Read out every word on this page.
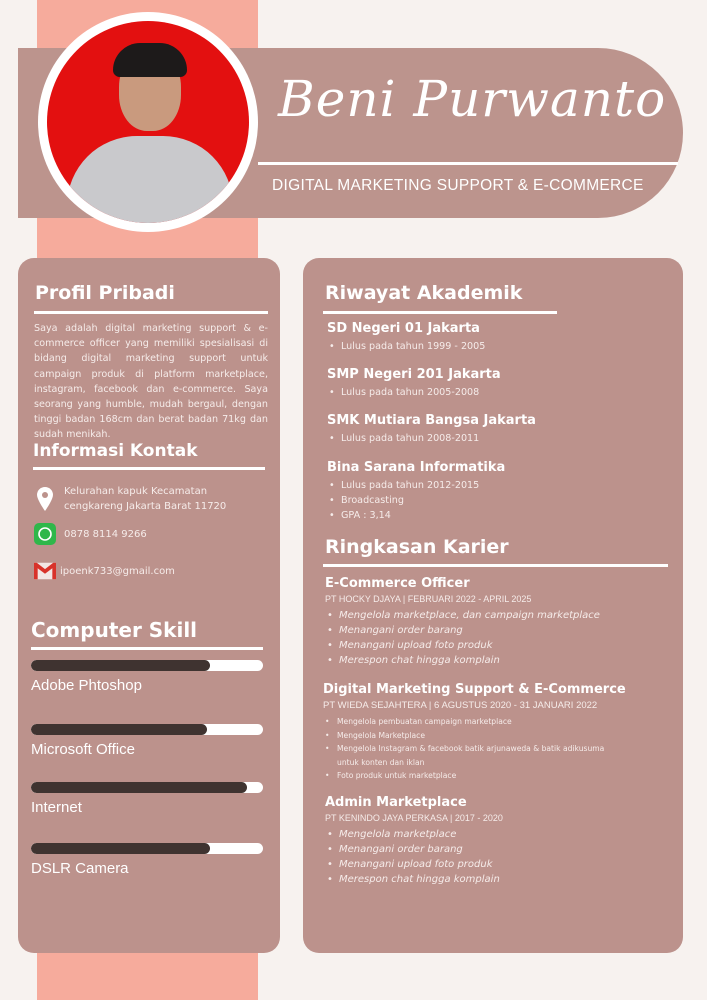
Beni Purwanto
DIGITAL MARKETING SUPPORT & E-COMMERCE
Profil Pribadi
Saya adalah digital marketing support & e-commerce officer yang memiliki spesialisasi di bidang digital marketing support untuk campaign produk di platform marketplace, instagram, facebook dan e-commerce. Saya seorang yang humble, mudah bergaul, dengan tinggi badan 168cm dan berat badan 71kg dan sudah menikah.
Informasi Kontak
Kelurahan kapuk Kecamatan cengkareng Jakarta Barat 11720
0878 8114 9266
ipoenk733@gmail.com
Computer Skill
Adobe Phtoshop
Microsoft Office
Internet
DSLR Camera
Riwayat Akademik
SD Negeri 01 Jakarta
• Lulus pada tahun 1999 - 2005
SMP Negeri 201 Jakarta
• Lulus pada tahun 2005-2008
SMK Mutiara Bangsa Jakarta
• Lulus pada tahun 2008-2011
Bina Sarana Informatika
• Lulus pada tahun 2012-2015
• Broadcasting
• GPA : 3,14
Ringkasan Karier
E-Commerce Officer
PT HOCKY DJAYA | FEBRUARI 2022 - APRIL 2025
• Mengelola marketplace, dan campaign marketplace
• Menangani order barang
• Menangani upload foto produk
• Merespon chat hingga komplain
Digital Marketing Support & E-Commerce
PT WIEDA SEJAHTERA | 6 AGUSTUS 2020 - 31 JANUARI 2022
• Mengelola pembuatan campaign marketplace
• Mengelola Marketplace
• Mengelola Instagram & facebook batik arjunaweda & batik adikusuma untuk konten dan iklan
• Foto produk untuk marketplace
Admin Marketplace
PT KENINDO JAYA PERKASA | 2017 - 2020
• Mengelola marketplace
• Menangani order barang
• Menangani upload foto produk
• Merespon chat hingga komplain
